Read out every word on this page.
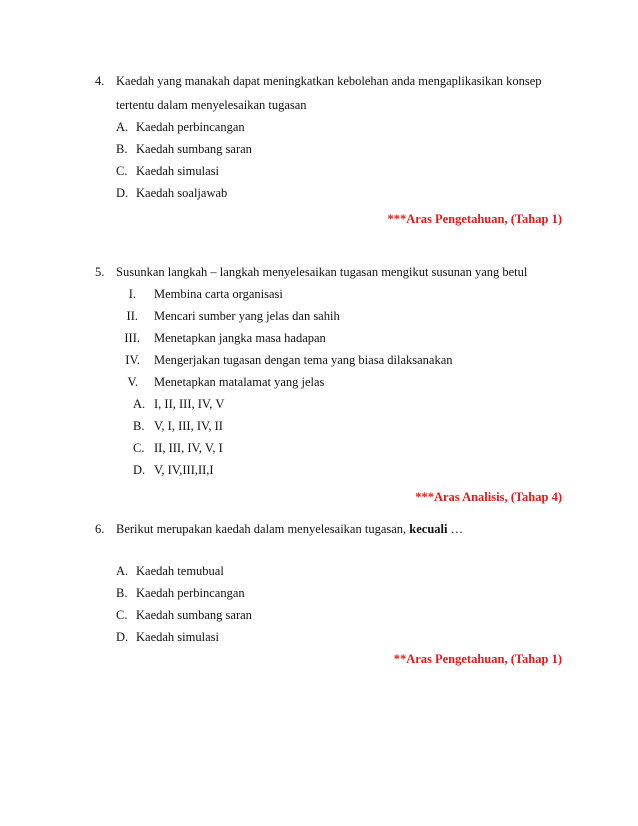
4. Kaedah yang manakah dapat meningkatkan kebolehan anda mengaplikasikan konsep
tertentu dalam menyelesaikan tugasan
A. Kaedah perbincangan
B. Kaedah sumbang saran
C. Kaedah simulasi
D. Kaedah soaljawab
***Aras Pengetahuan, (Tahap 1)
5. Susunkan langkah – langkah menyelesaikan tugasan mengikut susunan yang betul
I. Membina carta organisasi
II. Mencari sumber yang jelas dan sahih
III. Menetapkan jangka masa hadapan
IV. Mengerjakan tugasan dengan tema yang biasa dilaksanakan
V. Menetapkan matalamat yang jelas
A. I, II, III, IV, V
B. V, I, III, IV, II
C. II, III, IV, V, I
D. V, IV,III,II,I
***Aras Analisis, (Tahap 4)
6. Berikut merupakan kaedah dalam menyelesaikan tugasan, kecuali …
A. Kaedah temubual
B. Kaedah perbincangan
C. Kaedah sumbang saran
D. Kaedah simulasi
**Aras Pengetahuan, (Tahap 1)
